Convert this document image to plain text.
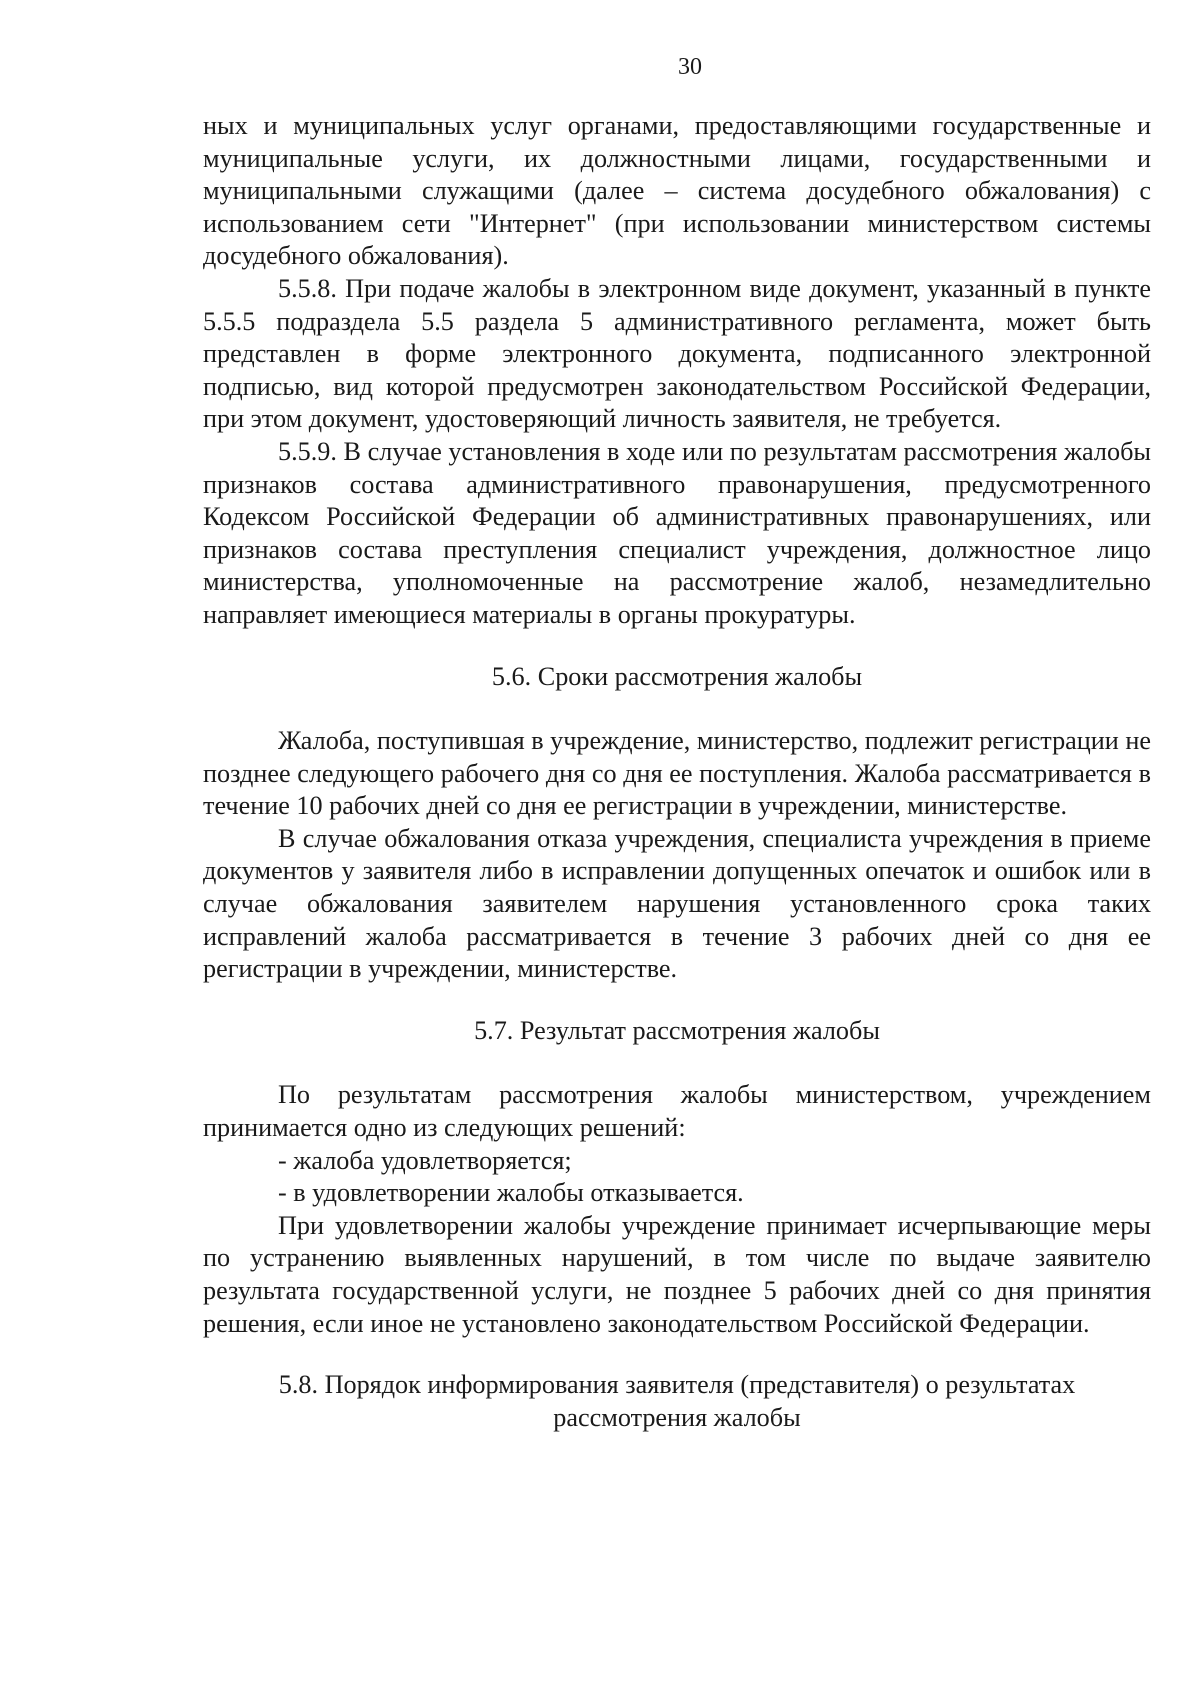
30

ных и муниципальных услуг органами, предоставляющими государственные и муниципальные услуги, их должностными лицами, государственными и муниципальными служащими (далее – система досудебного обжалования) с использованием сети "Интернет" (при использовании министерством системы досудебного обжалования).

5.5.8. При подаче жалобы в электронном виде документ, указанный в пункте 5.5.5 подраздела 5.5 раздела 5 административного регламента, может быть представлен в форме электронного документа, подписанного электронной подписью, вид которой предусмотрен законодательством Российской Федерации, при этом документ, удостоверяющий личность заявителя, не требуется.

5.5.9. В случае установления в ходе или по результатам рассмотрения жалобы признаков состава административного правонарушения, предусмотренного Кодексом Российской Федерации об административных правонарушениях, или признаков состава преступления специалист учреждения, должностное лицо министерства, уполномоченные на рассмотрение жалоб, незамедлительно направляет имеющиеся материалы в органы прокуратуры.

5.6. Сроки рассмотрения жалобы

Жалоба, поступившая в учреждение, министерство, подлежит регистрации не позднее следующего рабочего дня со дня ее поступления. Жалоба рассматривается в течение 10 рабочих дней со дня ее регистрации в учреждении, министерстве.

В случае обжалования отказа учреждения, специалиста учреждения в приеме документов у заявителя либо в исправлении допущенных опечаток и ошибок или в случае обжалования заявителем нарушения установленного срока таких исправлений жалоба рассматривается в течение 3 рабочих дней со дня ее регистрации в учреждении, министерстве.

5.7. Результат рассмотрения жалобы

По результатам рассмотрения жалобы министерством, учреждением принимается одно из следующих решений:

- жалоба удовлетворяется;

- в удовлетворении жалобы отказывается.

При удовлетворении жалобы учреждение принимает исчерпывающие меры по устранению выявленных нарушений, в том числе по выдаче заявителю результата государственной услуги, не позднее 5 рабочих дней со дня принятия решения, если иное не установлено законодательством Российской Федерации.

5.8. Порядок информирования заявителя (представителя) о результатах
рассмотрения жалобы
